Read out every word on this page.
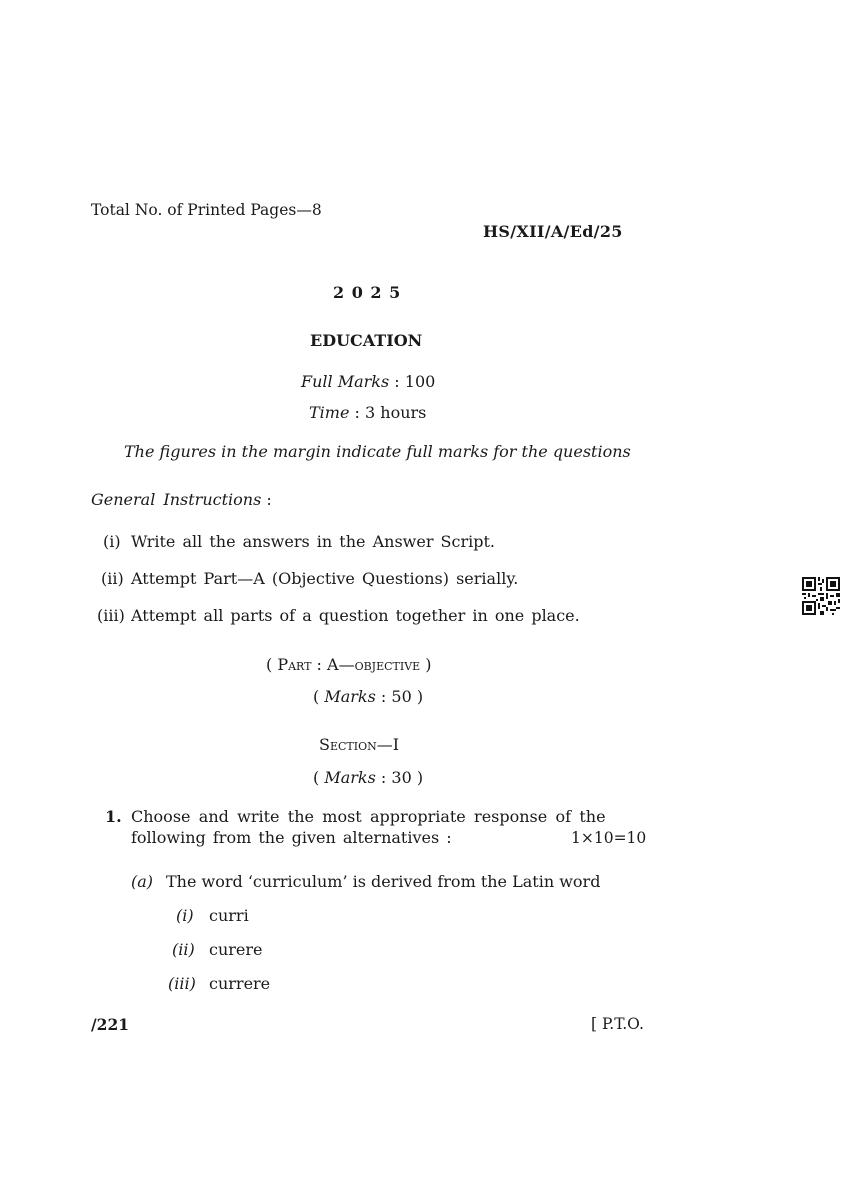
Total No. of Printed Pages—8
HS/XII/A/Ed/25
2 0 2 5
EDUCATION
Full Marks : 100
Time : 3 hours
The figures in the margin indicate full marks for the questions
General Instructions :
(i) Write all the answers in the Answer Script.
(ii) Attempt Part—A (Objective Questions) serially.
(iii) Attempt all parts of a question together in one place.
( Part : A—objective )
( Marks : 50 )
Section—I
( Marks : 30 )
1. Choose and write the most appropriate response of the
following from the given alternatives :	1×10=10
(a) The word ‘curriculum’ is derived from the Latin word
(i) curri
(ii) curere
(iii) currere
/221	[ P.T.O.
